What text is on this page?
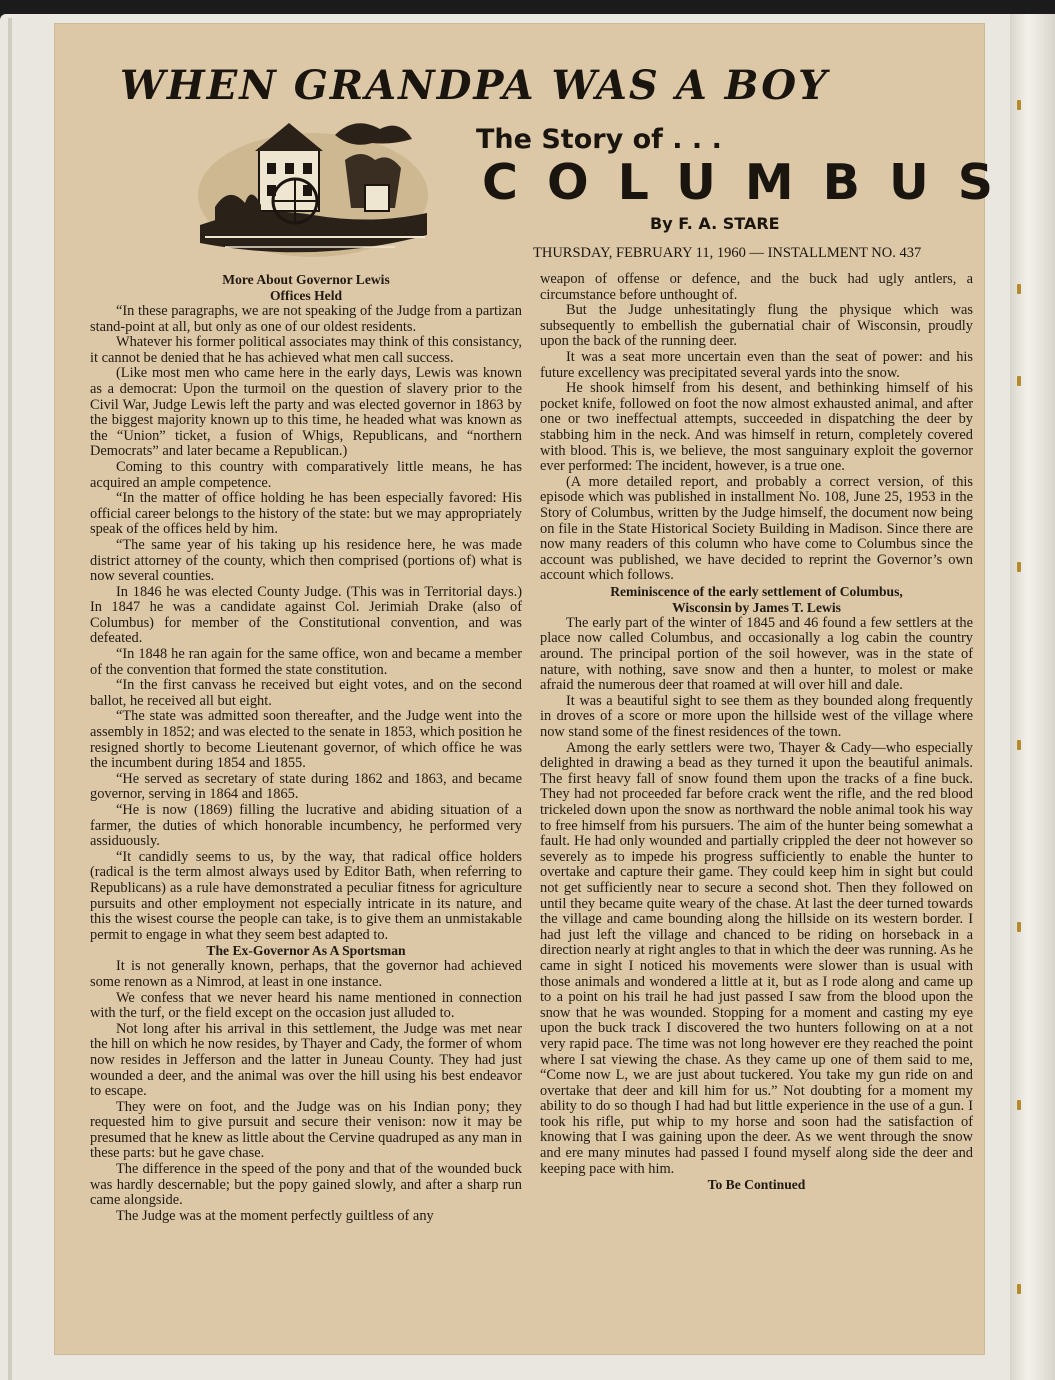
WHEN GRANDPA WAS A BOY
The Story of . . .
COLUMBUS
By F. A. STARE
THURSDAY, FEBRUARY 11, 1960 — INSTALLMENT NO. 437
More About Governor Lewis
Offices Held

“In these paragraphs, we are not speaking of the Judge from a partizan stand-point at all, but only as one of our oldest residents.

Whatever his former political associates may think of this consistancy, it cannot be denied that he has achieved what men call success.

(Like most men who came here in the early days, Lewis was known as a democrat: Upon the turmoil on the question of slavery prior to the Civil War, Judge Lewis left the party and was elected governor in 1863 by the biggest majority known up to this time, he headed what was known as the “Union” ticket, a fusion of Whigs, Republicans, and “northern Democrats” and later became a Republican.)

Coming to this country with comparatively little means, he has acquired an ample competence.

“In the matter of office holding he has been especially favored: His official career belongs to the history of the state: but we may appropriately speak of the offices held by him.

“The same year of his taking up his residence here, he was made district attorney of the county, which then comprised (portions of) what is now several counties.

In 1846 he was elected County Judge. (This was in Territorial days.) In 1847 he was a candidate against Col. Jerimiah Drake (also of Columbus) for member of the Constitutional convention, and was defeated.

“In 1848 he ran again for the same office, won and became a member of the convention that formed the state constitution.

“In the first canvass he received but eight votes, and on the second ballot, he received all but eight.

“The state was admitted soon thereafter, and the Judge went into the assembly in 1852; and was elected to the senate in 1853, which position he resigned shortly to become Lieutenant governor, of which office he was the incumbent during 1854 and 1855.

“He served as secretary of state during 1862 and 1863, and became governor, serving in 1864 and 1865.

“He is now (1869) filling the lucrative and abiding situation of a farmer, the duties of which honorable incumbency, he performed very assiduously.

“It candidly seems to us, by the way, that radical office holders (radical is the term almost always used by Editor Bath, when referring to Republicans) as a rule have demonstrated a peculiar fitness for agriculture pursuits and other employment not especially intricate in its nature, and this the wisest course the people can take, is to give them an unmistakable permit to engage in what they seem best adapted to.

The Ex-Governor As A Sportsman

It is not generally known, perhaps, that the governor had achieved some renown as a Nimrod, at least in one instance.

We confess that we never heard his name mentioned in connection with the turf, or the field except on the occasion just alluded to.

Not long after his arrival in this settlement, the Judge was met near the hill on which he now resides, by Thayer and Cady, the former of whom now resides in Jefferson and the latter in Juneau County. They had just wounded a deer, and the animal was over the hill using his best endeavor to escape.

They were on foot, and the Judge was on his Indian pony; they requested him to give pursuit and secure their venison: now it may be presumed that he knew as little about the Cervine quadruped as any man in these parts: but he gave chase.

The difference in the speed of the pony and that of the wounded buck was hardly descernable; but the popy gained slowly, and after a sharp run came alongside.

The Judge was at the moment perfectly guiltless of any

weapon of offense or defence, and the buck had ugly antlers, a circumstance before unthought of.

But the Judge unhesitatingly flung the physique which was subsequently to embellish the gubernatial chair of Wisconsin, proudly upon the back of the running deer.

It was a seat more uncertain even than the seat of power: and his future excellency was precipitated several yards into the snow.

He shook himself from his desent, and bethinking himself of his pocket knife, followed on foot the now almost exhausted animal, and after one or two ineffectual attempts, succeeded in dispatching the deer by stabbing him in the neck. And was himself in return, completely covered with blood. This is, we believe, the most sanguinary exploit the governor ever performed: The incident, however, is a true one.

(A more detailed report, and probably a correct version, of this episode which was published in installment No. 108, June 25, 1953 in the Story of Columbus, written by the Judge himself, the document now being on file in the State Historical Society Building in Madison. Since there are now many readers of this column who have come to Columbus since the account was published, we have decided to reprint the Governor’s own account which follows.

Reminiscence of the early settlement of Columbus,
Wisconsin by James T. Lewis

The early part of the winter of 1845 and 46 found a few settlers at the place now called Columbus, and occasionally a log cabin the country around. The principal portion of the soil however, was in the state of nature, with nothing, save snow and then a hunter, to molest or make afraid the numerous deer that roamed at will over hill and dale.

It was a beautiful sight to see them as they bounded along frequently in droves of a score or more upon the hillside west of the village where now stand some of the finest residences of the town.

Among the early settlers were two, Thayer & Cady—who especially delighted in drawing a bead as they turned it upon the beautiful animals. The first heavy fall of snow found them upon the tracks of a fine buck. They had not proceeded far before crack went the rifle, and the red blood trickeled down upon the snow as northward the noble animal took his way to free himself from his pursuers. The aim of the hunter being somewhat a fault. He had only wounded and partially crippled the deer not however so severely as to impede his progress sufficiently to enable the hunter to overtake and capture their game. They could keep him in sight but could not get sufficiently near to secure a second shot. Then they followed on until they became quite weary of the chase. At last the deer turned towards the village and came bounding along the hillside on its western border. I had just left the village and chanced to be riding on horseback in a direction nearly at right angles to that in which the deer was running. As he came in sight I noticed his movements were slower than is usual with those animals and wondered a little at it, but as I rode along and came up to a point on his trail he had just passed I saw from the blood upon the snow that he was wounded. Stopping for a moment and casting my eye upon the buck track I discovered the two hunters following on at a not very rapid pace. The time was not long however ere they reached the point where I sat viewing the chase. As they came up one of them said to me, “Come now L, we are just about tuckered. You take my gun ride on and overtake that deer and kill him for us.” Not doubting for a moment my ability to do so though I had had but little experience in the use of a gun. I took his rifle, put whip to my horse and soon had the satisfaction of knowing that I was gaining upon the deer. As we went through the snow and ere many minutes had passed I found myself along side the deer and keeping pace with him.

To Be Continued
